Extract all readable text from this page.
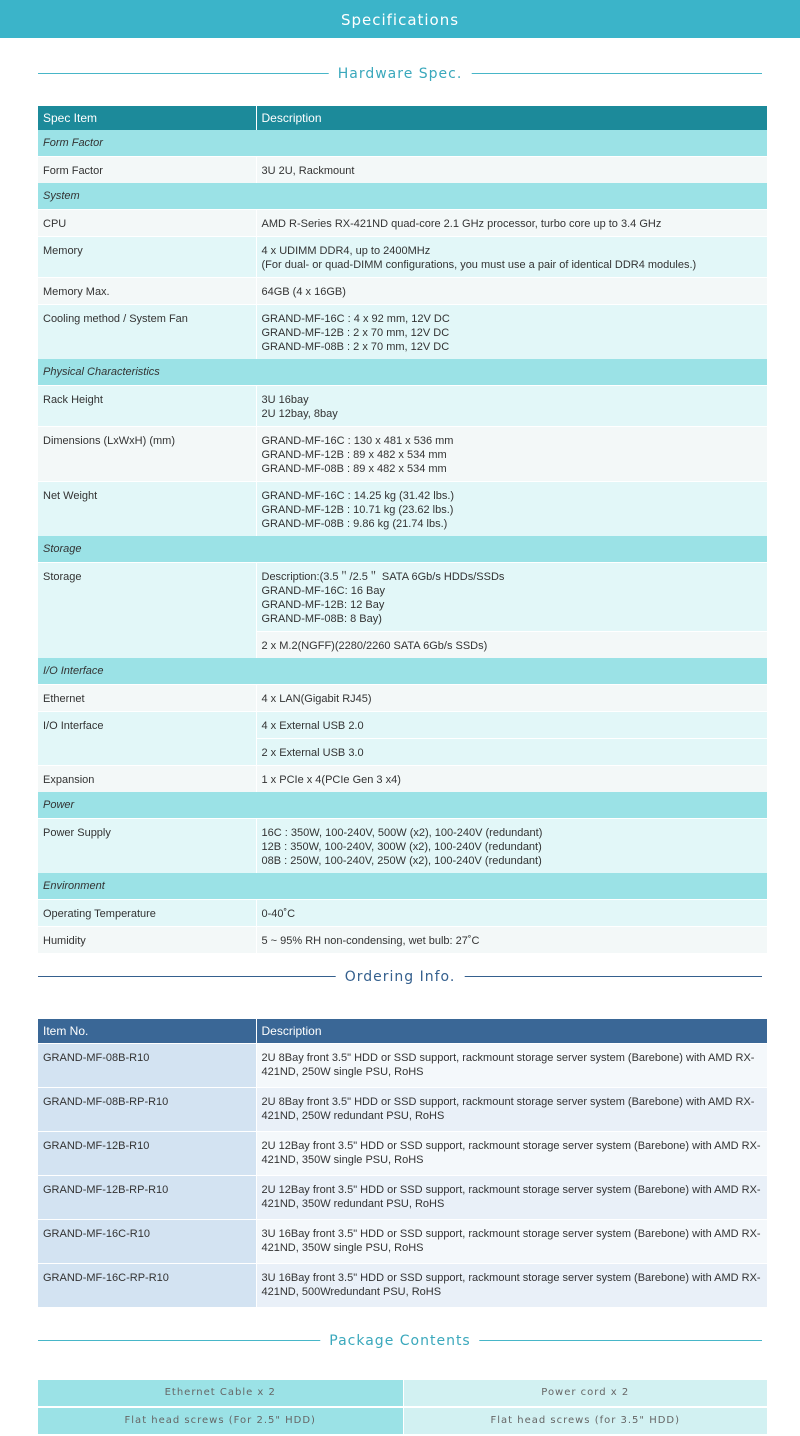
Specifications
Hardware Spec.
Spec Item	Description
Form Factor	
Form Factor	3U 2U, Rackmount
System	
CPU	AMD R-Series RX-421ND quad-core 2.1 GHz processor, turbo core up to 3.4 GHz
Memory	4 x UDIMM DDR4, up to 2400MHz
(For dual- or quad-DIMM configurations, you must use a pair of identical DDR4 modules.)

Memory Max.	64GB (4 x 16GB)
Cooling method / System Fan	GRAND-MF-16C : 4 x 92 mm, 12V DC
GRAND-MF-12B : 2 x 70 mm, 12V DC
GRAND-MF-08B : 2 x 70 mm, 12V DC

Physical Characteristics	
Rack Height	3U 16bay
2U 12bay, 8bay

Dimensions (LxWxH) (mm)	GRAND-MF-16C : 130 x 481 x 536 mm
GRAND-MF-12B : 89 x 482 x 534 mm
GRAND-MF-08B : 89 x 482 x 534 mm

Net Weight	GRAND-MF-16C : 14.25 kg (31.42 lbs.)
GRAND-MF-12B : 10.71 kg (23.62 lbs.)
GRAND-MF-08B : 9.86 kg (21.74 lbs.)

Storage	
Storage	Description:(3.5＂/2.5＂ SATA 6Gb/s HDDs/SSDs
GRAND-MF-16C: 16 Bay
GRAND-MF-12B: 12 Bay
GRAND-MF-08B: 8 Bay)

	2 x M.2(NGFF)(2280/2260 SATA 6Gb/s SSDs)
I/O Interface	
Ethernet	4 x LAN(Gigabit RJ45)
I/O Interface	4 x External USB 2.0
	2 x External USB 3.0
Expansion	1 x PCIe x 4(PCIe Gen 3 x4)
Power	
Power Supply	16C : 350W, 100-240V, 500W (x2), 100-240V (redundant)
12B : 350W, 100-240V, 300W (x2), 100-240V (redundant)
08B : 250W, 100-240V, 250W (x2), 100-240V (redundant)

Environment	
Operating Temperature	0-40˚C
Humidity	5 ~ 95% RH non-condensing, wet bulb: 27˚C
Ordering Info.
Item No.	Description
GRAND-MF-08B-R10	2U 8Bay front 3.5" HDD or SSD support, rackmount storage server system (Barebone) with AMD RX-
421ND, 250W single PSU, RoHS

GRAND-MF-08B-RP-R10	2U 8Bay front 3.5" HDD or SSD support, rackmount storage server system (Barebone) with AMD RX-
421ND, 250W redundant PSU, RoHS

GRAND-MF-12B-R10	2U 12Bay front 3.5" HDD or SSD support, rackmount storage server system (Barebone) with AMD RX-
421ND, 350W single PSU, RoHS

GRAND-MF-12B-RP-R10	2U 12Bay front 3.5" HDD or SSD support, rackmount storage server system (Barebone) with AMD RX-
421ND, 350W redundant PSU, RoHS

GRAND-MF-16C-R10	3U 16Bay front 3.5" HDD or SSD support, rackmount storage server system (Barebone) with AMD RX-
421ND, 350W single PSU, RoHS

GRAND-MF-16C-RP-R10	3U 16Bay front 3.5" HDD or SSD support, rackmount storage server system (Barebone) with AMD RX-
421ND, 500Wredundant PSU, RoHS
Package Contents
Ethernet Cable x 2	Power cord x 2
Flat head screws (For 2.5" HDD)	Flat head screws (for 3.5" HDD)
